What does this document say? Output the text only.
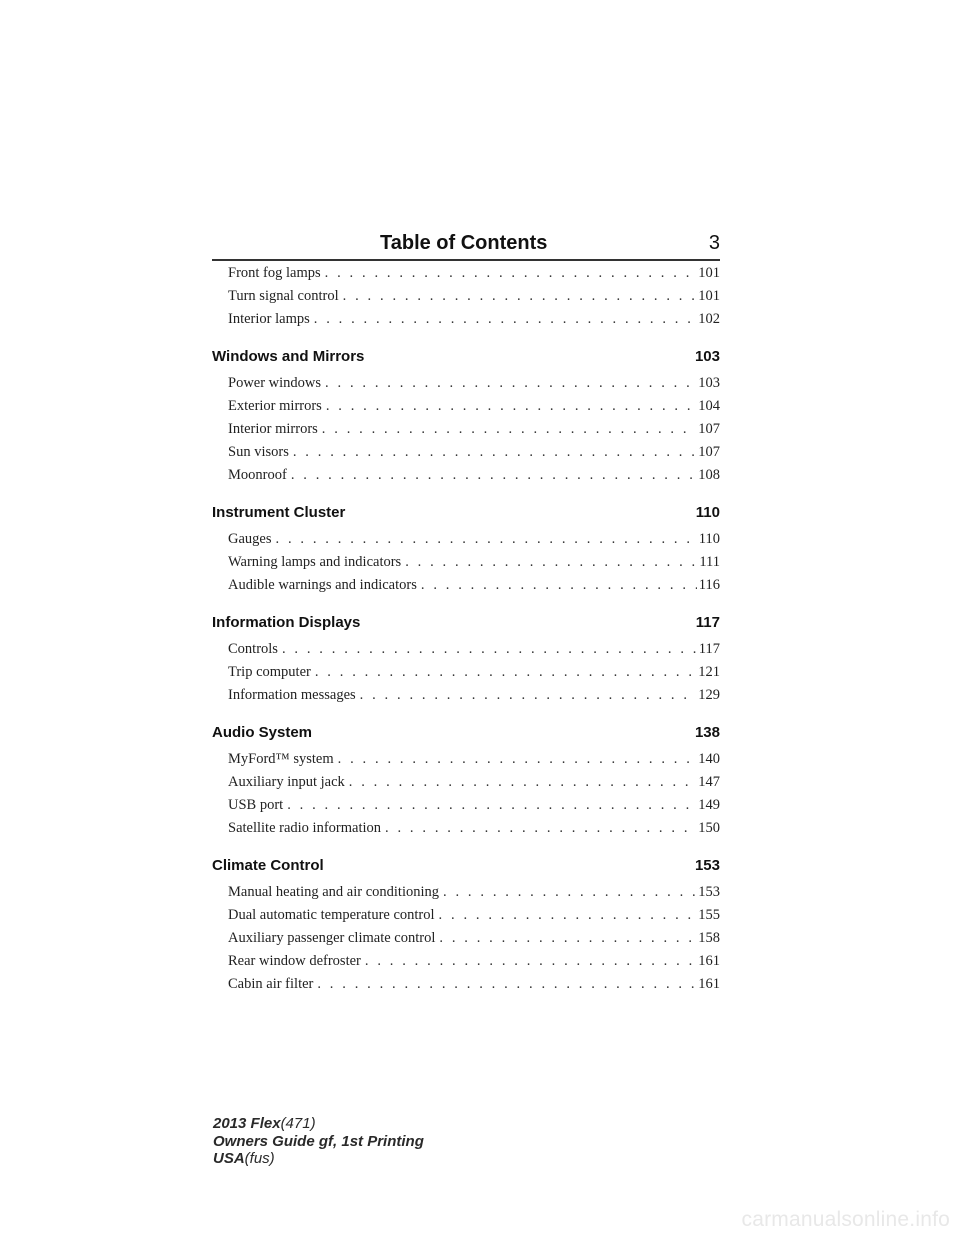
Table of Contents	3
Front fog lamps . . .	101
Turn signal control . . .	101
Interior lamps . . .	102
Windows and Mirrors	103
Power windows . . .	103
Exterior mirrors . . .	104
Interior mirrors . . .	107
Sun visors . . .	107
Moonroof . . .	108
Instrument Cluster	110
Gauges . . .	110
Warning lamps and indicators . . .	111
Audible warnings and indicators . . .	116
Information Displays	117
Controls . . .	117
Trip computer . . .	121
Information messages . . .	129
Audio System	138
MyFord™ system . . .	140
Auxiliary input jack . . .	147
USB port . . .	149
Satellite radio information . . .	150
Climate Control	153
Manual heating and air conditioning . . .	153
Dual automatic temperature control . . .	155
Auxiliary passenger climate control . . .	158
Rear window defroster . . .	161
Cabin air filter . . .	161
2013 Flex(471)
Owners Guide gf, 1st Printing
USA(fus)
carmanualsonline.info
